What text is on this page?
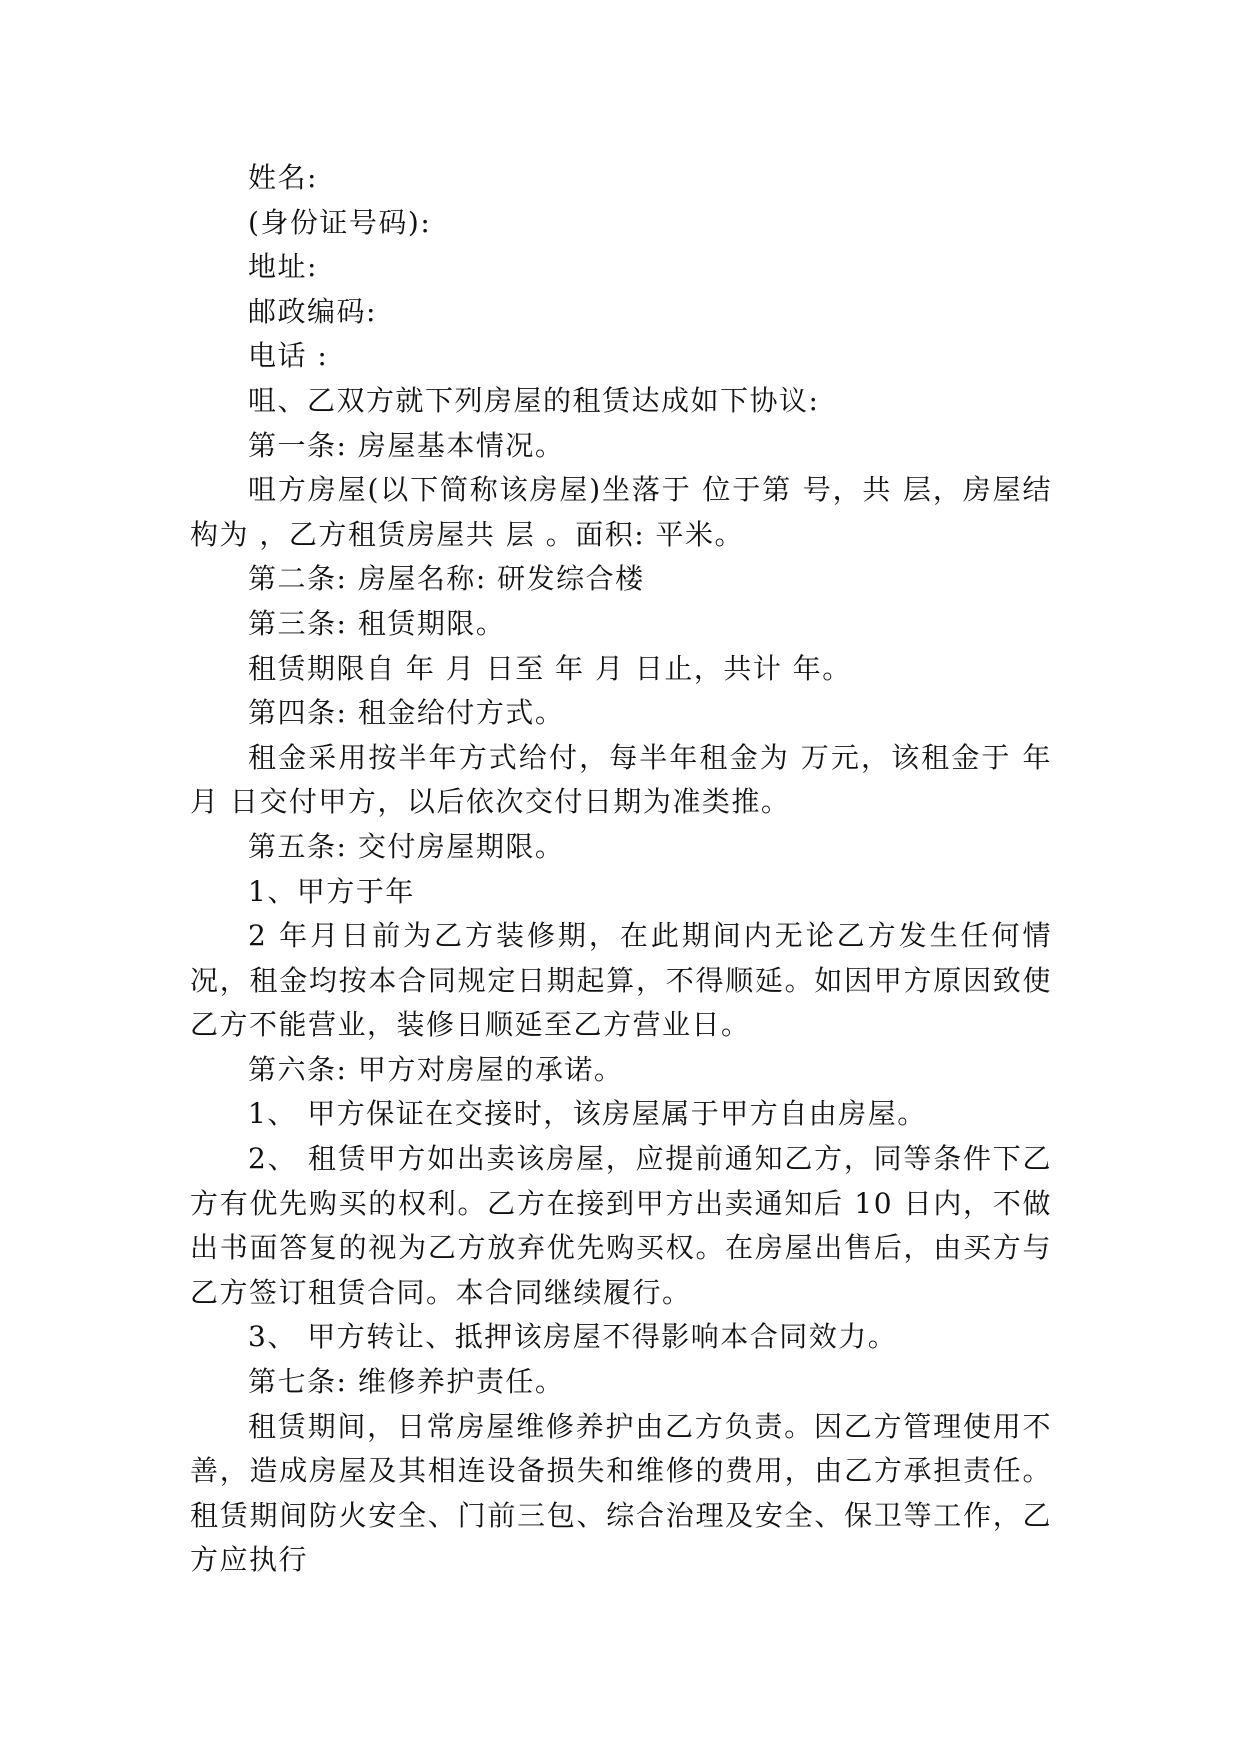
姓名:

(身份证号码):

地址:

邮政编码:

电话 :

咀、乙双方就下列房屋的租赁达成如下协议:

第一条: 房屋基本情况。

咀方房屋(以下简称该房屋)坐落于 位于第 号，共 层，房屋结构为 ，乙方租赁房屋共 层 。面积: 平米。

第二条: 房屋名称: 研发综合楼

第三条: 租赁期限。

租赁期限自 年 月 日至 年 月 日止，共计 年。

第四条: 租金给付方式。

租金采用按半年方式给付，每半年租金为 万元，该租金于 年月 日交付甲方，以后依次交付日期为准类推。

第五条: 交付房屋期限。

1、甲方于年

2 年月日前为乙方装修期，在此期间内无论乙方发生任何情况，租金均按本合同规定日期起算，不得顺延。如因甲方原因致使乙方不能营业，装修日顺延至乙方营业日。

第六条: 甲方对房屋的承诺。

1、 甲方保证在交接时，该房屋属于甲方自由房屋。

2、 租赁甲方如出卖该房屋，应提前通知乙方，同等条件下乙方有优先购买的权利。乙方在接到甲方出卖通知后 10 日内，不做出书面答复的视为乙方放弃优先购买权。在房屋出售后，由买方与乙方签订租赁合同。本合同继续履行。

3、 甲方转让、抵押该房屋不得影响本合同效力。

第七条: 维修养护责任。

租赁期间，日常房屋维修养护由乙方负责。因乙方管理使用不善，造成房屋及其相连设备损失和维修的费用，由乙方承担责任。租赁期间防火安全、门前三包、综合治理及安全、保卫等工作，乙方应执行
